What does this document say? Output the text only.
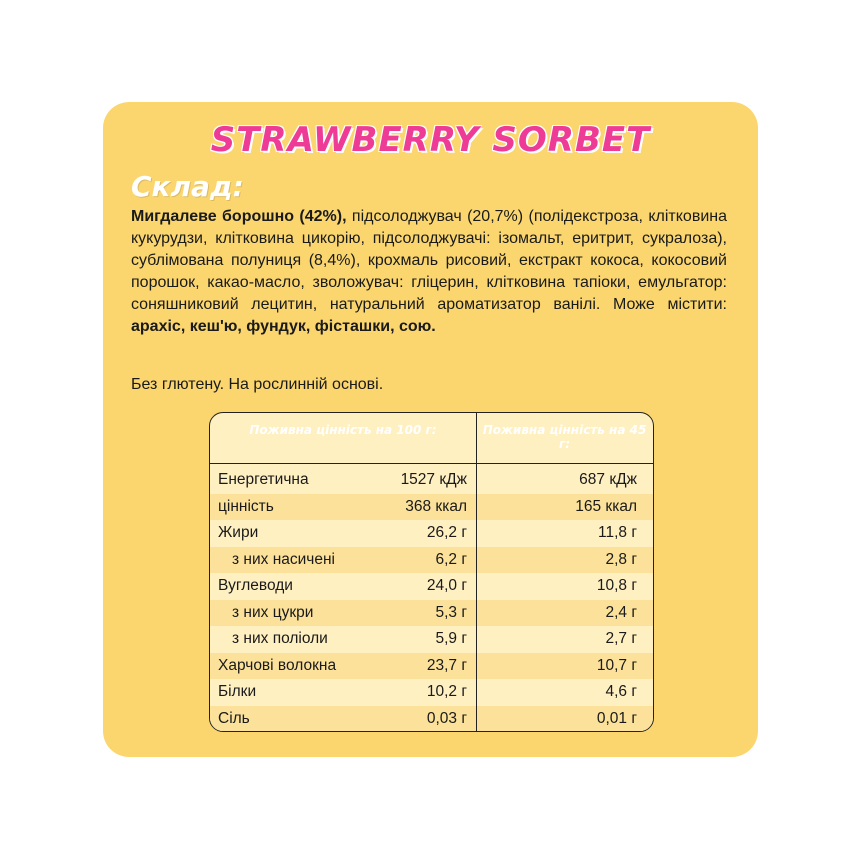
STRAWBERRY SORBET
Склад:
Мигдалеве борошно (42%), підсолоджувач (20,7%) (полідекстроза, клітковина кукурудзи, клітковина цикорію, підсолоджувачі: ізомальт, еритрит, сукралоза), сублімована полуниця (8,4%), крохмаль рисовий, екстракт кокоса, кокосовий порошок, какао-масло, зволожувач: гліцерин, клітковина тапіоки, емульгатор: соняшниковий лецитин, натуральний ароматизатор ванілі. Може містити: арахіс, кеш'ю, фундук, фісташки, сою.
Без глютену. На рослинній основі.
Поживна цінність на 100 г:	Поживна цінність на 45 г:
Енергетична	1527 кДж	687 кДж
цінність	368 ккал	165 ккал
Жири	26,2 г	11,8 г
з них насичені	6,2 г	2,8 г
Вуглеводи	24,0 г	10,8 г
з них цукри	5,3 г	2,4 г
з них поліоли	5,9 г	2,7 г
Харчові волокна	23,7 г	10,7 г
Білки	10,2 г	4,6 г
Сіль	0,03 г	0,01 г
